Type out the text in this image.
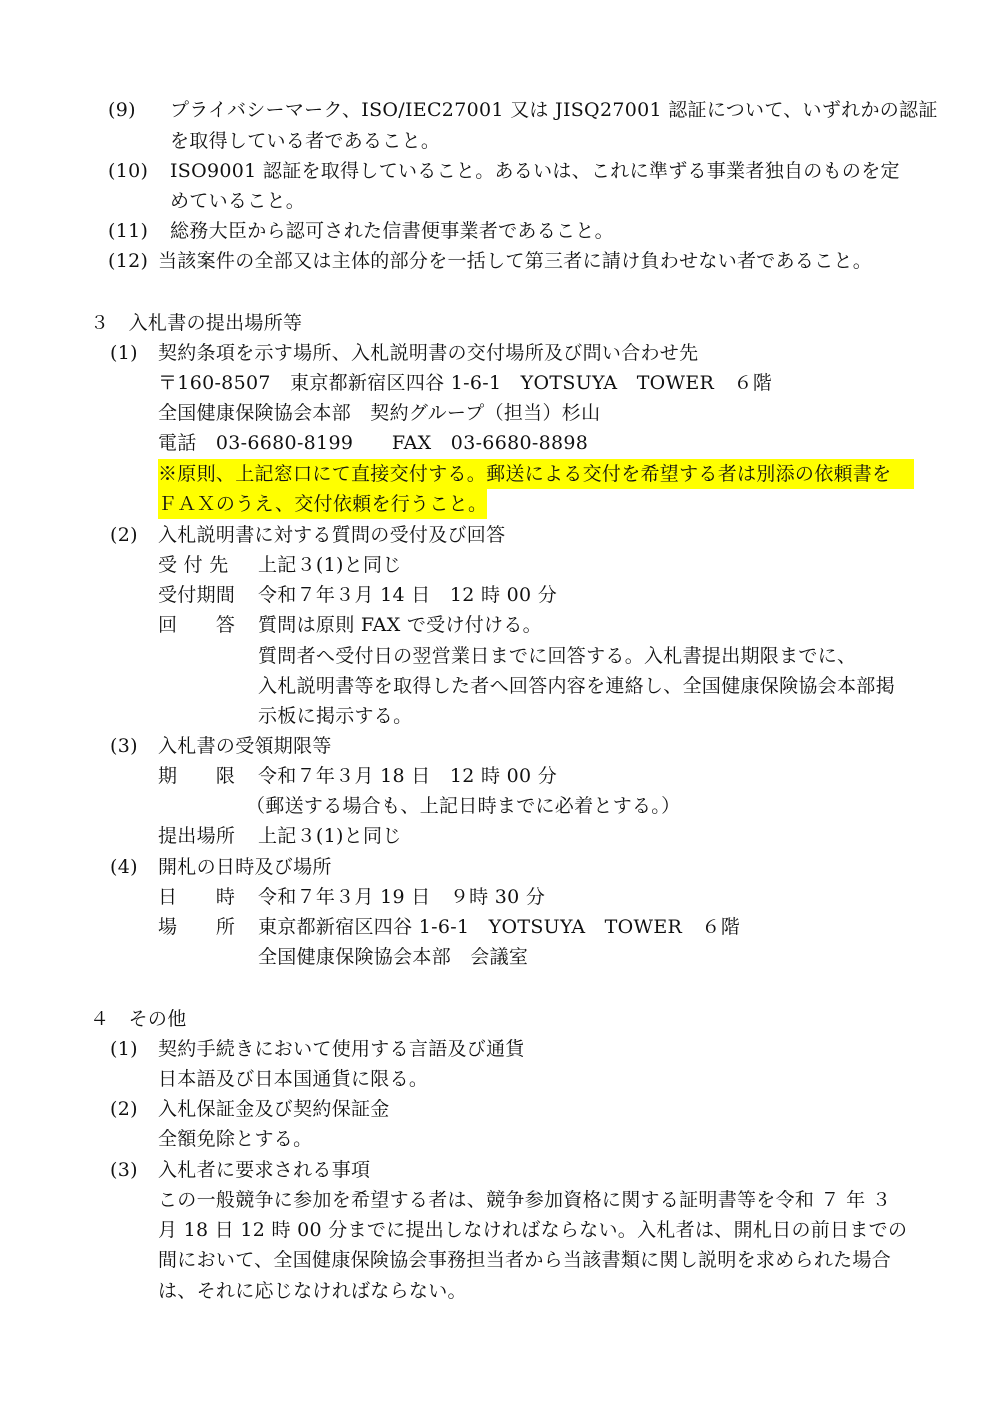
(9) プライバシーマーク、ISO/IEC27001 又は JISQ27001 認証について、いずれかの認証
を取得している者であること。
(10) ISO9001 認証を取得していること。あるいは、これに準ずる事業者独自のものを定
めていること。
(11) 総務大臣から認可された信書便事業者であること。
(12) 当該案件の全部又は主体的部分を一括して第三者に請け負わせない者であること。
３　入札書の提出場所等
(1) 契約条項を示す場所、入札説明書の交付場所及び問い合わせ先
〒160-8507　東京都新宿区四谷 1-6-1　YOTSUYA　TOWER　６階
全国健康保険協会本部　契約グループ（担当）杉山
電話　03-6680-8199　　FAX　03-6680-8898
※原則、上記窓口にて直接交付する。郵送による交付を希望する者は別添の依頼書を
ＦＡＸのうえ、交付依頼を行うこと。
(2) 入札説明書に対する質問の受付及び回答
受 付 先 上記３(1)と同じ
受付期間 令和７年３月 14 日　12 時 00 分
回　　答 質問は原則 FAX で受け付ける。
質問者へ受付日の翌営業日までに回答する。入札書提出期限までに、
入札説明書等を取得した者へ回答内容を連絡し、全国健康保険協会本部掲
示板に掲示する。
(3) 入札書の受領期限等
期　　限 令和７年３月 18 日　12 時 00 分
（郵送する場合も、上記日時までに必着とする。）
提出場所 上記３(1)と同じ
(4) 開札の日時及び場所
日　　時 令和７年３月 19 日　９時 30 分
場　　所 東京都新宿区四谷 1-6-1　YOTSUYA　TOWER　６階
全国健康保険協会本部　会議室
４　その他
(1) 契約手続きにおいて使用する言語及び通貨
日本語及び日本国通貨に限る。
(2) 入札保証金及び契約保証金
全額免除とする。
(3) 入札者に要求される事項
この一般競争に参加を希望する者は、競争参加資格に関する証明書等を令和 ７ 年 ３
月 18 日 12 時 00 分までに提出しなければならない。入札者は、開札日の前日までの
間において、全国健康保険協会事務担当者から当該書類に関し説明を求められた場合
は、それに応じなければならない。
